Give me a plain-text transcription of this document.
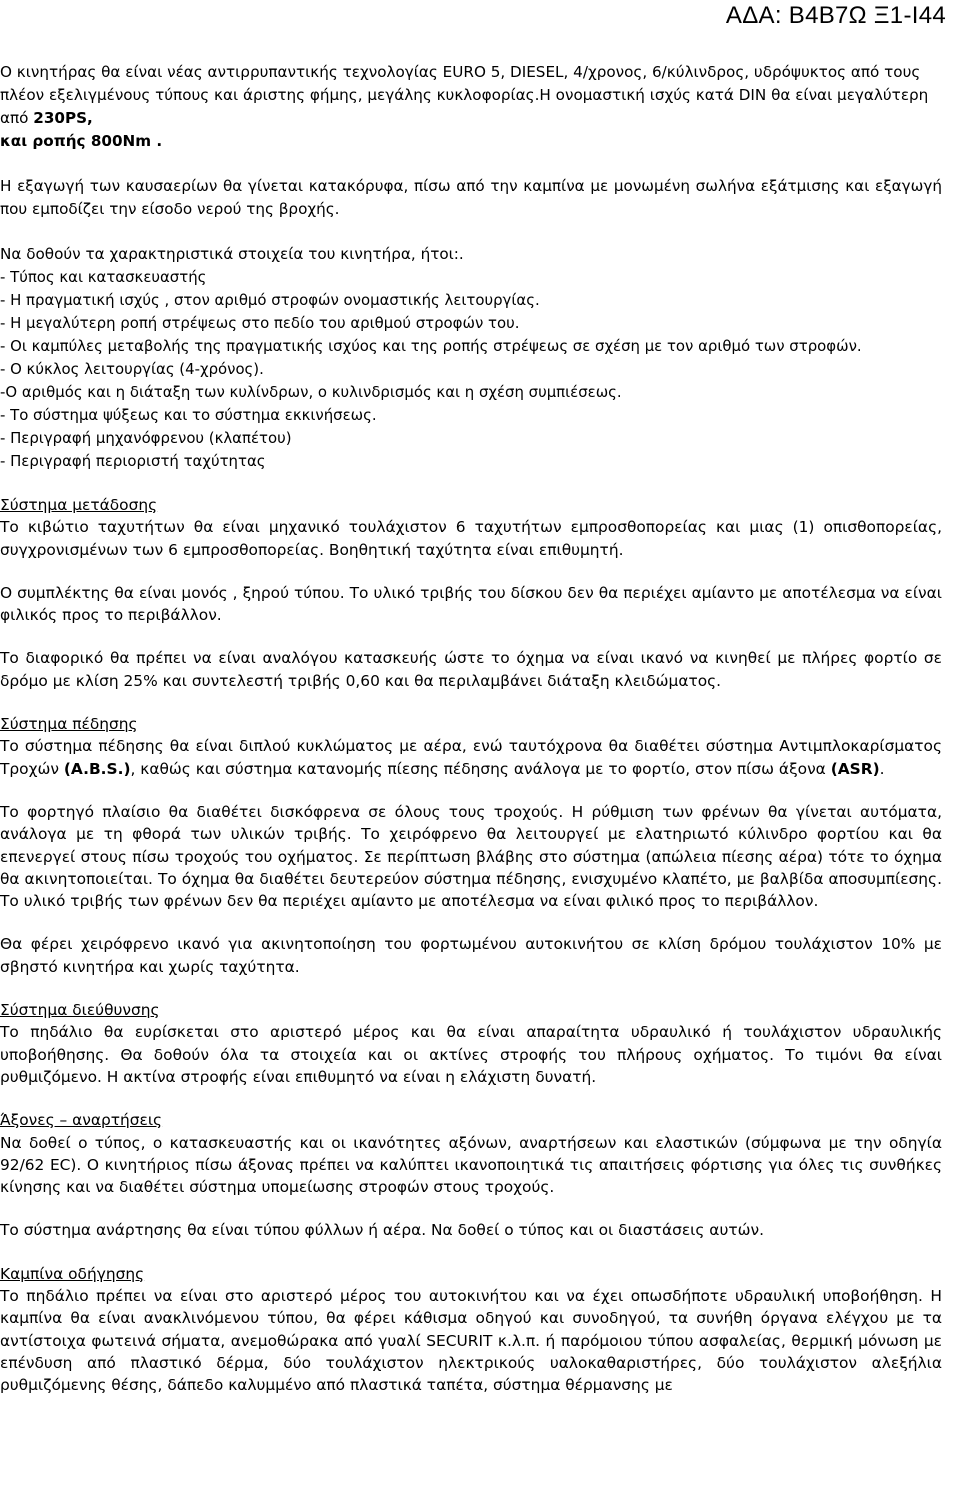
ΑΔΑ: Β4Β7Ω Ξ1-Ι44

Ο κινητήρας θα είναι νέας αντιρρυπαντικής τεχνολογίας EURO 5, DIESEL, 4/χρονος, 6/κύλινδρος, υδρόψυκτος από τους πλέον εξελιγμένους τύπους και άριστης φήμης, μεγάλης κυκλοφορίας.Η ονομαστική ισχύς κατά DIN θα είναι μεγαλύτερη από 230PS,
και ροπής 800Nm .

Η εξαγωγή των καυσαερίων θα γίνεται κατακόρυφα, πίσω από την καμπίνα με μονωμένη σωλήνα εξάτμισης και εξαγωγή που εμποδίζει την είσοδο νερού της βροχής.

Να δοθούν τα χαρακτηριστικά στοιχεία του κινητήρα, ήτοι:.

- Τύπος και κατασκευαστής
- Η πραγματική ισχύς , στον αριθμό στροφών ονομαστικής λειτουργίας.
- Η μεγαλύτερη ροπή στρέψεως στο πεδίο του αριθμού στροφών του.
- Οι καμπύλες μεταβολής της πραγματικής ισχύος και της ροπής στρέψεως σε σχέση με τον αριθμό των στροφών.
- Ο κύκλος λειτουργίας (4-χρόνος).
-Ο αριθμός και η διάταξη των κυλίνδρων, ο κυλινδρισμός και η σχέση συμπιέσεως.
- Το σύστημα ψύξεως και το σύστημα εκκινήσεως.
- Περιγραφή μηχανόφρενου (κλαπέτου)
- Περιγραφή περιοριστή ταχύτητας

Σύστημα μετάδοσης

Το κιβώτιο ταχυτήτων θα είναι μηχανικό τουλάχιστον 6 ταχυτήτων εμπροσθοπορείας και μιας (1) οπισθοπορείας, συγχρονισμένων των 6 εμπροσθοπορείας. Βοηθητική ταχύτητα είναι επιθυμητή.

Ο συμπλέκτης θα είναι μονός , ξηρού τύπου. Το υλικό τριβής του δίσκου δεν θα περιέχει αμίαντο με αποτέλεσμα να είναι φιλικός προς το περιβάλλον.

Το διαφορικό θα πρέπει να είναι αναλόγου κατασκευής ώστε το όχημα να είναι ικανό να κινηθεί με πλήρες φορτίο σε δρόμο με κλίση 25% και συντελεστή τριβής 0,60 και θα περιλαμβάνει διάταξη κλειδώματος.

Σύστημα πέδησης

Το σύστημα πέδησης θα είναι διπλού κυκλώματος με αέρα, ενώ ταυτόχρονα θα διαθέτει σύστημα Αντιμπλοκαρίσματος Τροχών (A.B.S.), καθώς και σύστημα κατανομής πίεσης πέδησης ανάλογα με το φορτίο, στον πίσω άξονα (ASR).

Το φορτηγό πλαίσιο θα διαθέτει δισκόφρενα σε όλους τους τροχούς. Η ρύθμιση των φρένων θα γίνεται αυτόματα, ανάλογα με τη φθορά των υλικών τριβής. Το χειρόφρενο θα λειτουργεί με ελατηριωτό κύλινδρο φορτίου και θα επενεργεί στους πίσω τροχούς του οχήματος. Σε περίπτωση βλάβης στο σύστημα (απώλεια πίεσης αέρα) τότε το όχημα θα ακινητοποιείται. Το όχημα θα διαθέτει δευτερεύον σύστημα πέδησης, ενισχυμένο κλαπέτο, με βαλβίδα αποσυμπίεσης. Το υλικό τριβής των φρένων δεν θα περιέχει αμίαντο με αποτέλεσμα να είναι φιλικό προς το περιβάλλον.

Θα φέρει χειρόφρενο ικανό για ακινητοποίηση του φορτωμένου αυτοκινήτου σε κλίση δρόμου τουλάχιστον 10% με σβηστό κινητήρα και χωρίς ταχύτητα.

Σύστημα διεύθυνσης

Το πηδάλιο θα ευρίσκεται στο αριστερό μέρος και θα είναι απαραίτητα υδραυλικό ή τουλάχιστον υδραυλικής υποβοήθησης. Θα δοθούν όλα τα στοιχεία και οι ακτίνες στροφής του πλήρους οχήματος. Το τιμόνι θα είναι ρυθμιζόμενο. Η ακτίνα στροφής είναι επιθυμητό να είναι η ελάχιστη δυνατή.

Άξονες – αναρτήσεις

Να δοθεί ο τύπος, ο κατασκευαστής και οι ικανότητες αξόνων, αναρτήσεων και ελαστικών (σύμφωνα με την οδηγία 92/62 ΕC). Ο κινητήριος πίσω άξονας πρέπει να καλύπτει ικανοποιητικά τις απαιτήσεις φόρτισης για όλες τις συνθήκες κίνησης και να διαθέτει σύστημα υπομείωσης στροφών στους τροχούς.

Το σύστημα ανάρτησης θα είναι τύπου φύλλων ή αέρα. Να δοθεί ο τύπος και οι διαστάσεις αυτών.

Καμπίνα οδήγησης

Το πηδάλιο πρέπει να είναι στο αριστερό μέρος του αυτοκινήτου και να έχει οπωσδήποτε υδραυλική υποβοήθηση. Η καμπίνα θα είναι ανακλινόμενου τύπου, θα φέρει κάθισμα οδηγού και συνοδηγού, τα συνήθη όργανα ελέγχου με τα αντίστοιχα φωτεινά σήματα, ανεμοθώρακα από γυαλί SECURIT κ.λ.π. ή παρόμοιου τύπου ασφαλείας, θερμική μόνωση με επένδυση από πλαστικό δέρμα, δύο τουλάχιστον ηλεκτρικούς υαλοκαθαριστήρες, δύο τουλάχιστον αλεξήλια ρυθμιζόμενης θέσης, δάπεδο καλυμμένο από πλαστικά ταπέτα, σύστημα θέρμανσης με
